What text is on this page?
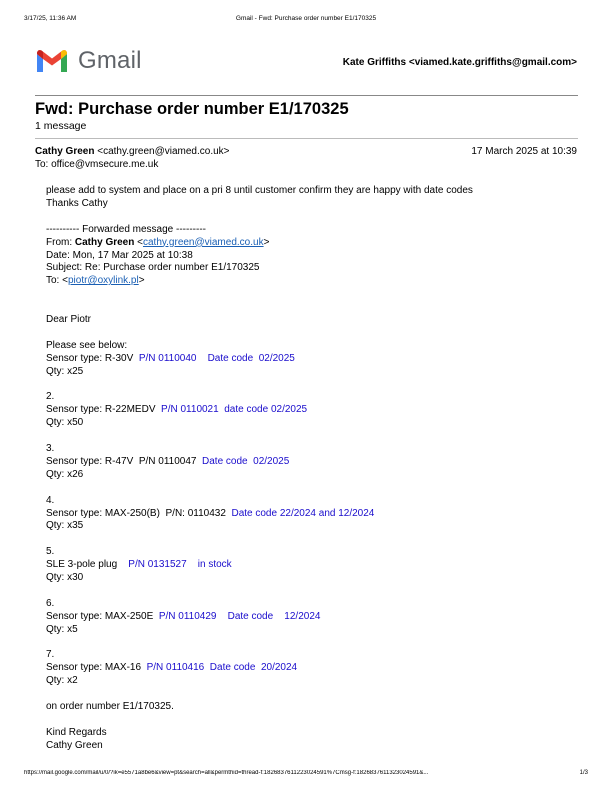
3/17/25, 11:36 AM	Gmail - Fwd: Purchase order number E1/170325
Gmail	Kate Griffiths <viamed.kate.griffiths@gmail.com>
Fwd: Purchase order number E1/170325
1 message
Cathy Green <cathy.green@viamed.co.uk>	17 March 2025 at 10:39
To: office@vmsecure.me.uk
please add to system and place on a pri 8 until customer confirm they are happy with date codes
Thanks Cathy
---------- Forwarded message ---------
From: Cathy Green <cathy.green@viamed.co.uk>
Date: Mon, 17 Mar 2025 at 10:38
Subject: Re: Purchase order number E1/170325
To: <piotr@oxylink.pl>
Dear Piotr
Please see below:
Sensor type: R-30V  P/N 0110040    Date code  02/2025
Qty: x25
2.
Sensor type: R-22MEDV  P/N 0110021  date code 02/2025
Qty: x50
3.
Sensor type: R-47V  P/N 0110047  Date code  02/2025
Qty: x26
4.
Sensor type: MAX-250(B)  P/N: 0110432  Date code 22/2024 and 12/2024
Qty: x35
5.
SLE 3-pole plug    P/N 0131527    in stock
Qty: x30
6.
Sensor type: MAX-250E  P/N 0110429    Date code    12/2024
Qty: x5
7.
Sensor type: MAX-16  P/N 0110416  Date code  20/2024
Qty: x2
on order number E1/170325.
Kind Regards
Cathy Green
https://mail.google.com/mail/u/0/?ik=e5571a8be6&view=pt&search=all&permthid=thread-f:1826837611223024591%7Cmsg-f:1826837611323024591&...	1/3
